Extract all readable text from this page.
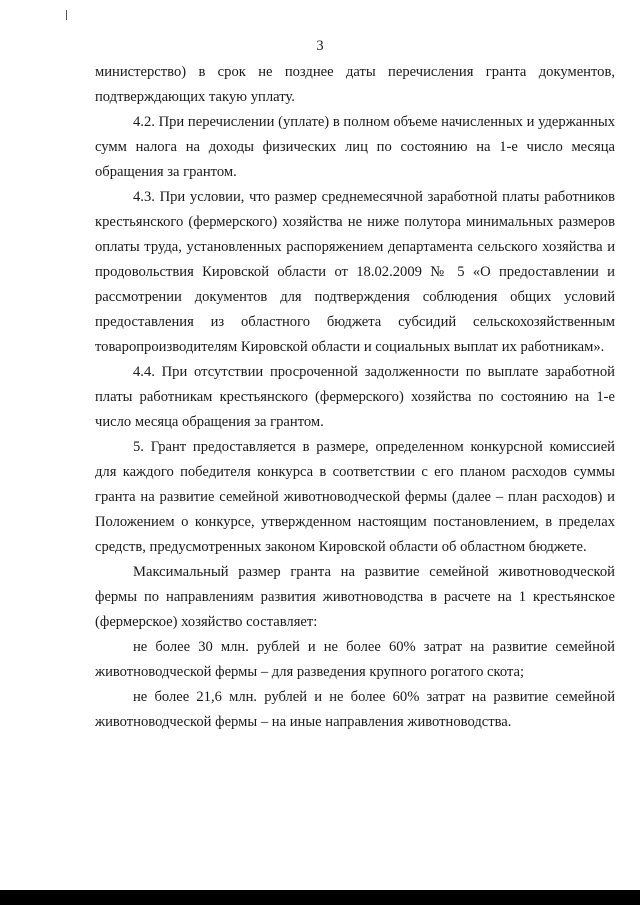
3

министерство) в срок не позднее даты перечисления гранта документов, подтверждающих такую уплату.

4.2. При перечислении (уплате) в полном объеме начисленных и удержанных сумм налога на доходы физических лиц по состоянию на 1-е число месяца обращения за грантом.

4.3. При условии, что размер среднемесячной заработной платы работников крестьянского (фермерского) хозяйства не ниже полутора минимальных размеров оплаты труда, установленных распоряжением департамента сельского хозяйства и продовольствия Кировской области от 18.02.2009 № 5 «О предоставлении и рассмотрении документов для подтверждения соблюдения общих условий предоставления из областного бюджета субсидий сельскохозяйственным товаропроизводителям Кировской области и социальных выплат их работникам».

4.4. При отсутствии просроченной задолженности по выплате заработной платы работникам крестьянского (фермерского) хозяйства по состоянию на 1-е число месяца обращения за грантом.

5. Грант предоставляется в размере, определенном конкурсной комиссией для каждого победителя конкурса в соответствии с его планом расходов суммы гранта на развитие семейной животноводческой фермы (далее – план расходов) и Положением о конкурсе, утвержденном настоящим постановлением, в пределах средств, предусмотренных законом Кировской области об областном бюджете.

Максимальный размер гранта на развитие семейной животноводческой фермы по направлениям развития животноводства в расчете на 1 крестьянское (фермерское) хозяйство составляет:

не более 30 млн. рублей и не более 60% затрат на развитие семейной животноводческой фермы – для разведения крупного рогатого скота;

не более 21,6 млн. рублей и не более 60% затрат на развитие семейной животноводческой фермы – на иные направления животноводства.
